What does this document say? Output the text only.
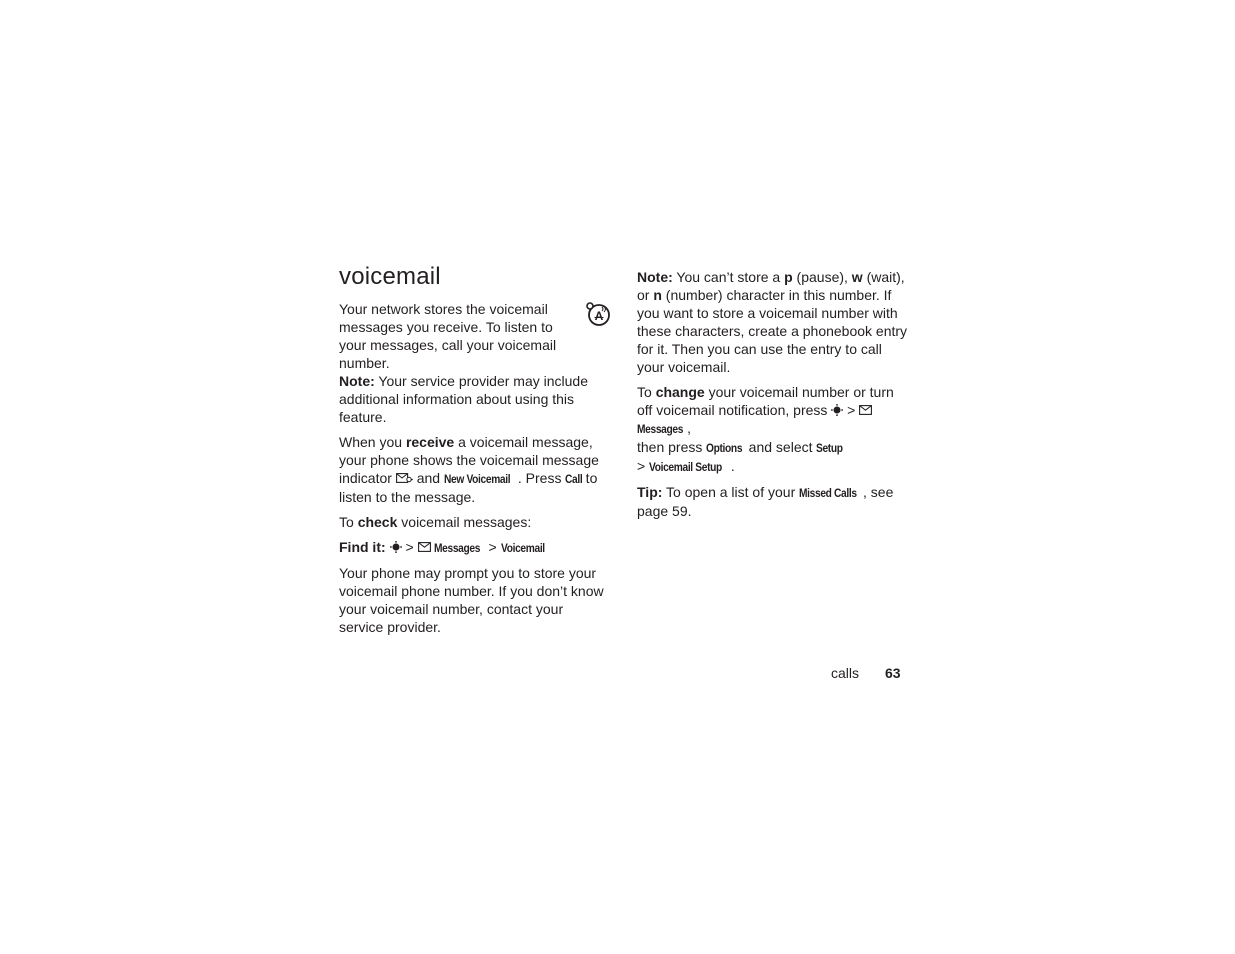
voicemail
Your network stores the voicemail messages you receive. To listen to your messages, call your voicemail number.
A

Note: Your service provider may include additional information about using this feature.

When you receive a voicemail message, your phone shows the voicemail message indicator  and New Voicemail . Press Call to listen to the message.

To check voicemail messages:

Find it: > Messages > Voicemail

Your phone may prompt you to store your voicemail phone number. If you don’t know your voicemail number, contact your service provider.

Note: You can’t store a p (pause), w (wait), or n (number) character in this number. If you want to store a voicemail number with these characters, create a phonebook entry for it. Then you can use the entry to call your voicemail.

To change your voicemail number or turn off voicemail notification, press  >  Messages ,
then press Options and select Setup
> Voicemail Setup .

Tip: To open a list of your Missed Calls , see page 59.

calls 63
